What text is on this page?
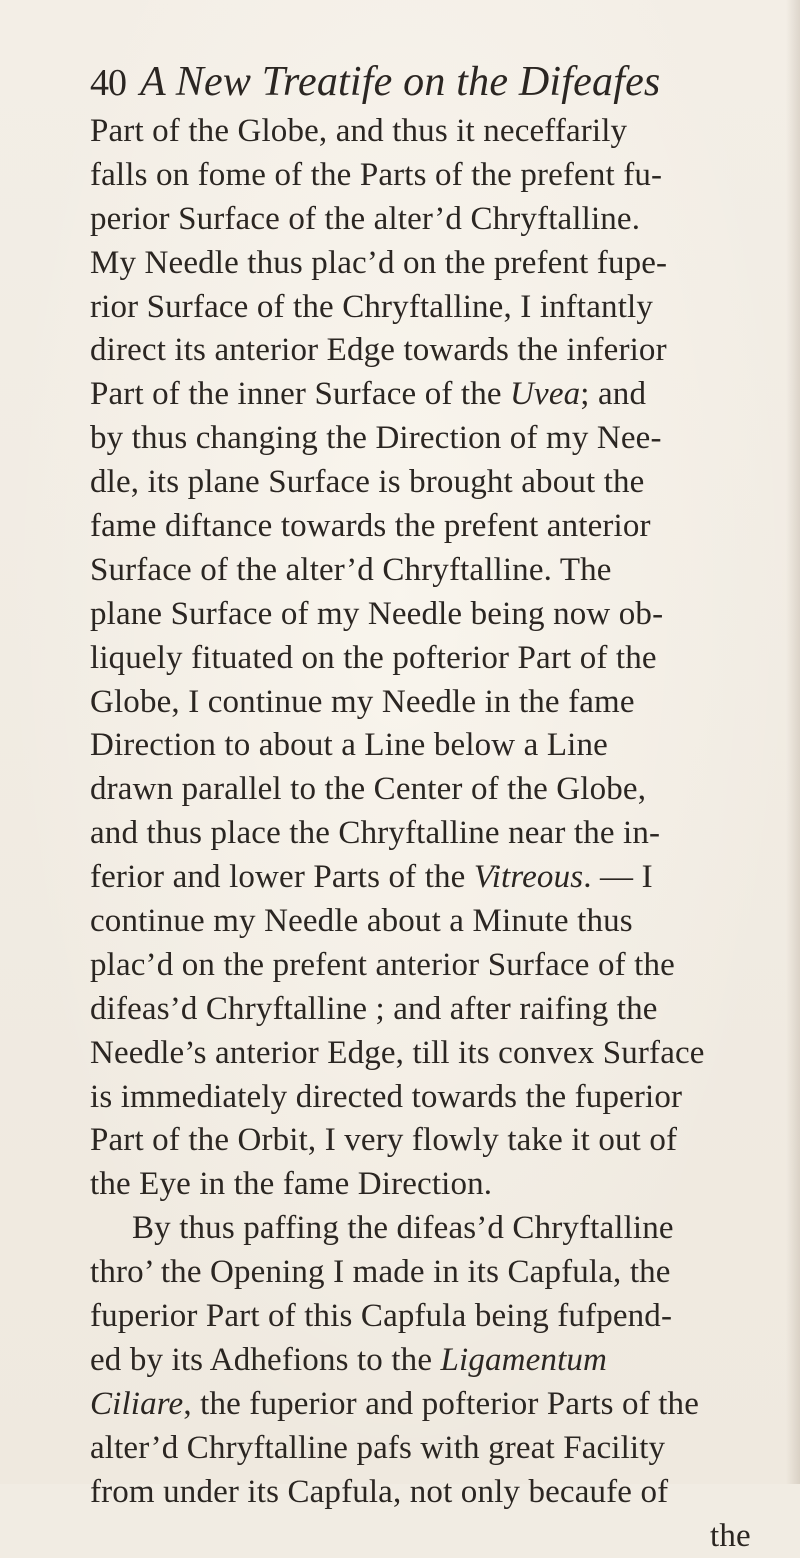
40 A New Treatife on the Difeafes
Part of the Globe, and thus it neceffarily
falls on fome of the Parts of the prefent fu-
perior Surface of the alter’d Chryftalline.
My Needle thus plac’d on the prefent fupe-
rior Surface of the Chryftalline, I inftantly
direct its anterior Edge towards the inferior
Part of the inner Surface of the Uvea; and
by thus changing the Direction of my Nee-
dle, its plane Surface is brought about the
fame diftance towards the prefent anterior
Surface of the alter’d Chryftalline. The
plane Surface of my Needle being now ob-
liquely fituated on the pofterior Part of the
Globe, I continue my Needle in the fame
Direction to about a Line below a Line
drawn parallel to the Center of the Globe,
and thus place the Chryftalline near the in-
ferior and lower Parts of the Vitreous. — I
continue my Needle about a Minute thus
plac’d on the prefent anterior Surface of the
difeas’d Chryftalline ; and after raifing the
Needle’s anterior Edge, till its convex Surface
is immediately directed towards the fuperior
Part of the Orbit, I very flowly take it out of
the Eye in the fame Direction.
By thus paffing the difeas’d Chryftalline
thro’ the Opening I made in its Capfula, the
fuperior Part of this Capfula being fufpend-
ed by its Adhefions to the Ligamentum
Ciliare, the fuperior and pofterior Parts of the
alter’d Chryftalline pafs with great Facility
from under its Capfula, not only becaufe of
the
